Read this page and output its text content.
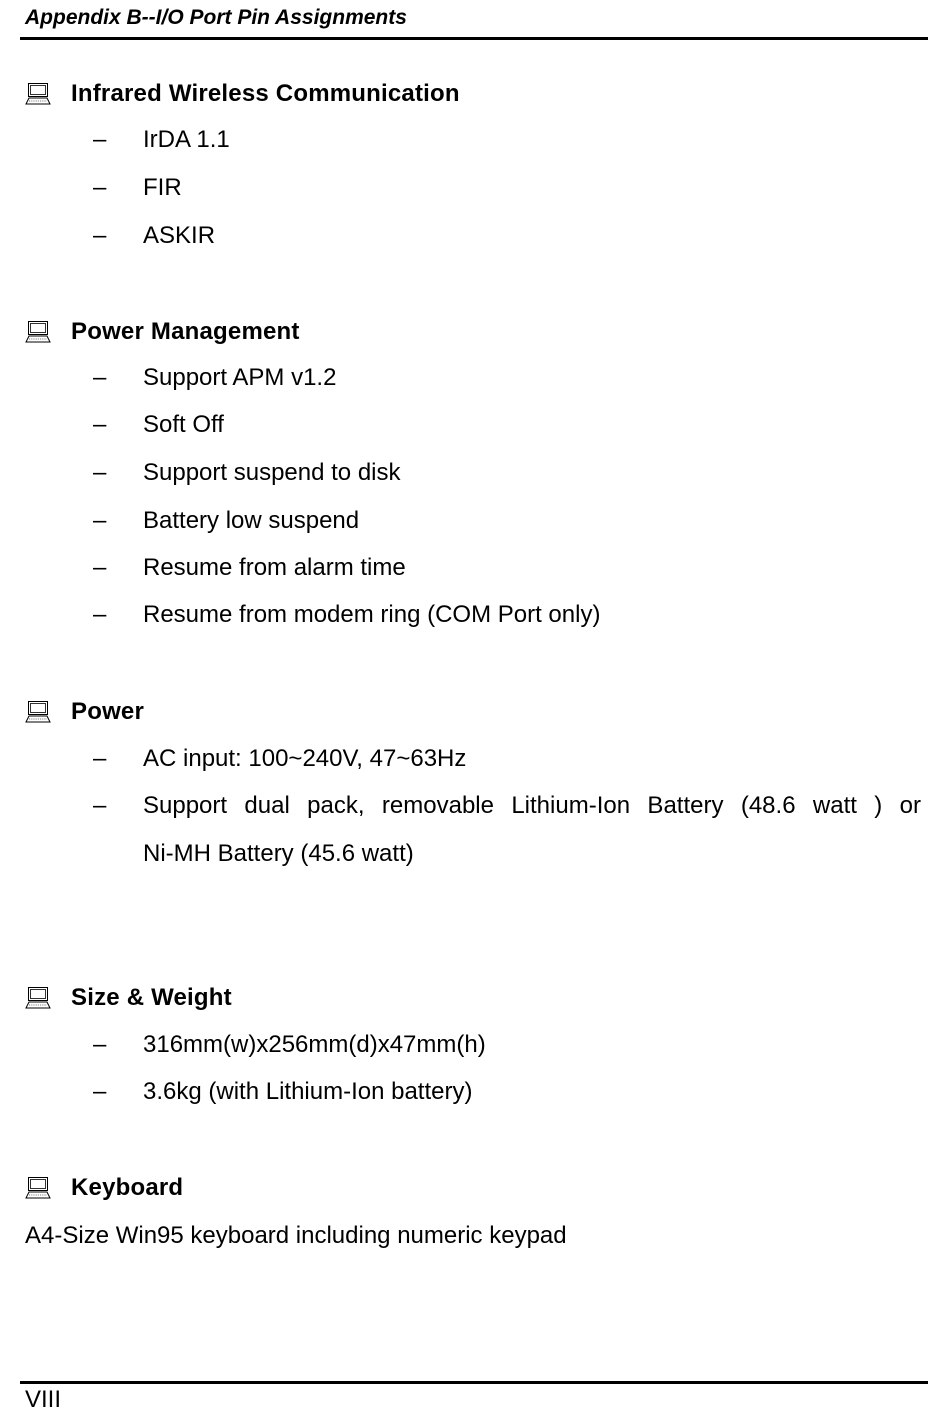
Appendix B--I/O Port Pin Assignments
Infrared Wireless Communication
– IrDA 1.1
– FIR
– ASKIR
Power Management
– Support APM v1.2
– Soft Off
– Support suspend to disk
– Battery low suspend
– Resume from alarm time
– Resume from modem ring (COM Port only)
Power
– AC input: 100~240V, 47~63Hz
– Support dual pack, removable Lithium-Ion Battery (48.6 watt ) or
Ni-MH Battery (45.6 watt)
Size & Weight
– 316mm(w)x256mm(d)x47mm(h)
– 3.6kg (with Lithium-Ion battery)
Keyboard
A4-Size Win95 keyboard including numeric keypad
VIII
